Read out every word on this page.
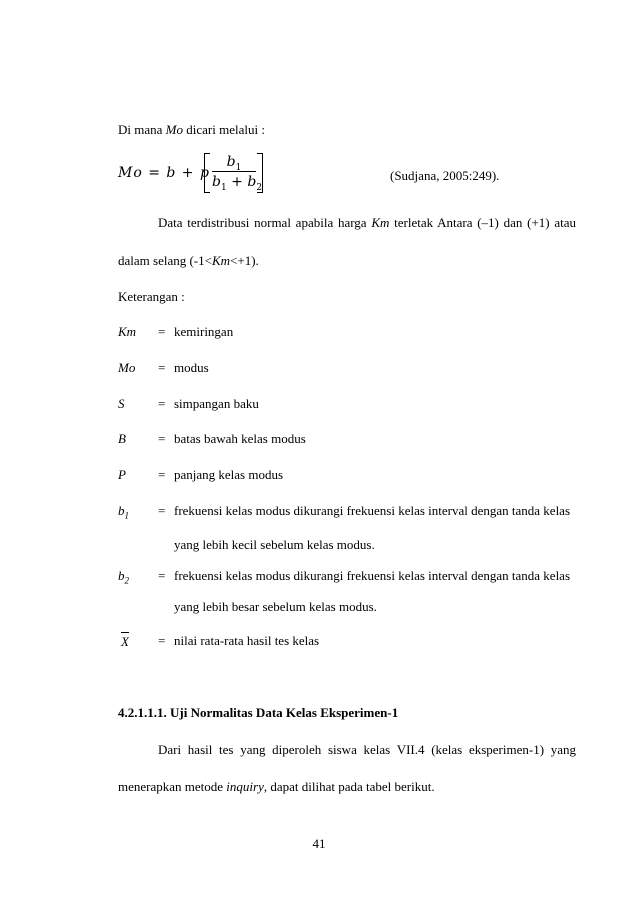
Di mana Mo dicari melalui :
Mo = b + p
$b_1$
$b_1 + b_2$
(Sudjana, 2005:249).
Data terdistribusi normal apabila harga Km terletak Antara (–1) dan (+1) atau
dalam selang (-1<Km<+1).
Keterangan :
Km = kemiringan
Mo = modus
S	= simpangan baku
B = batas bawah kelas modus
P = panjang kelas modus
$b_1$ = frekuensi kelas modus dikurangi frekuensi kelas interval dengan tanda kelas
yang lebih kecil sebelum kelas modus.
$b_2$ = frekuensi kelas modus dikurangi frekuensi kelas interval dengan tanda kelas
yang lebih besar sebelum kelas modus.
X = nilai rata-rata hasil tes kelas
4.2.1.1.1. Uji Normalitas Data Kelas Eksperimen-1
Dari hasil tes yang diperoleh siswa kelas VII.4 (kelas eksperimen-1) yang
menerapkan metode inquiry, dapat dilihat pada tabel berikut.
41
